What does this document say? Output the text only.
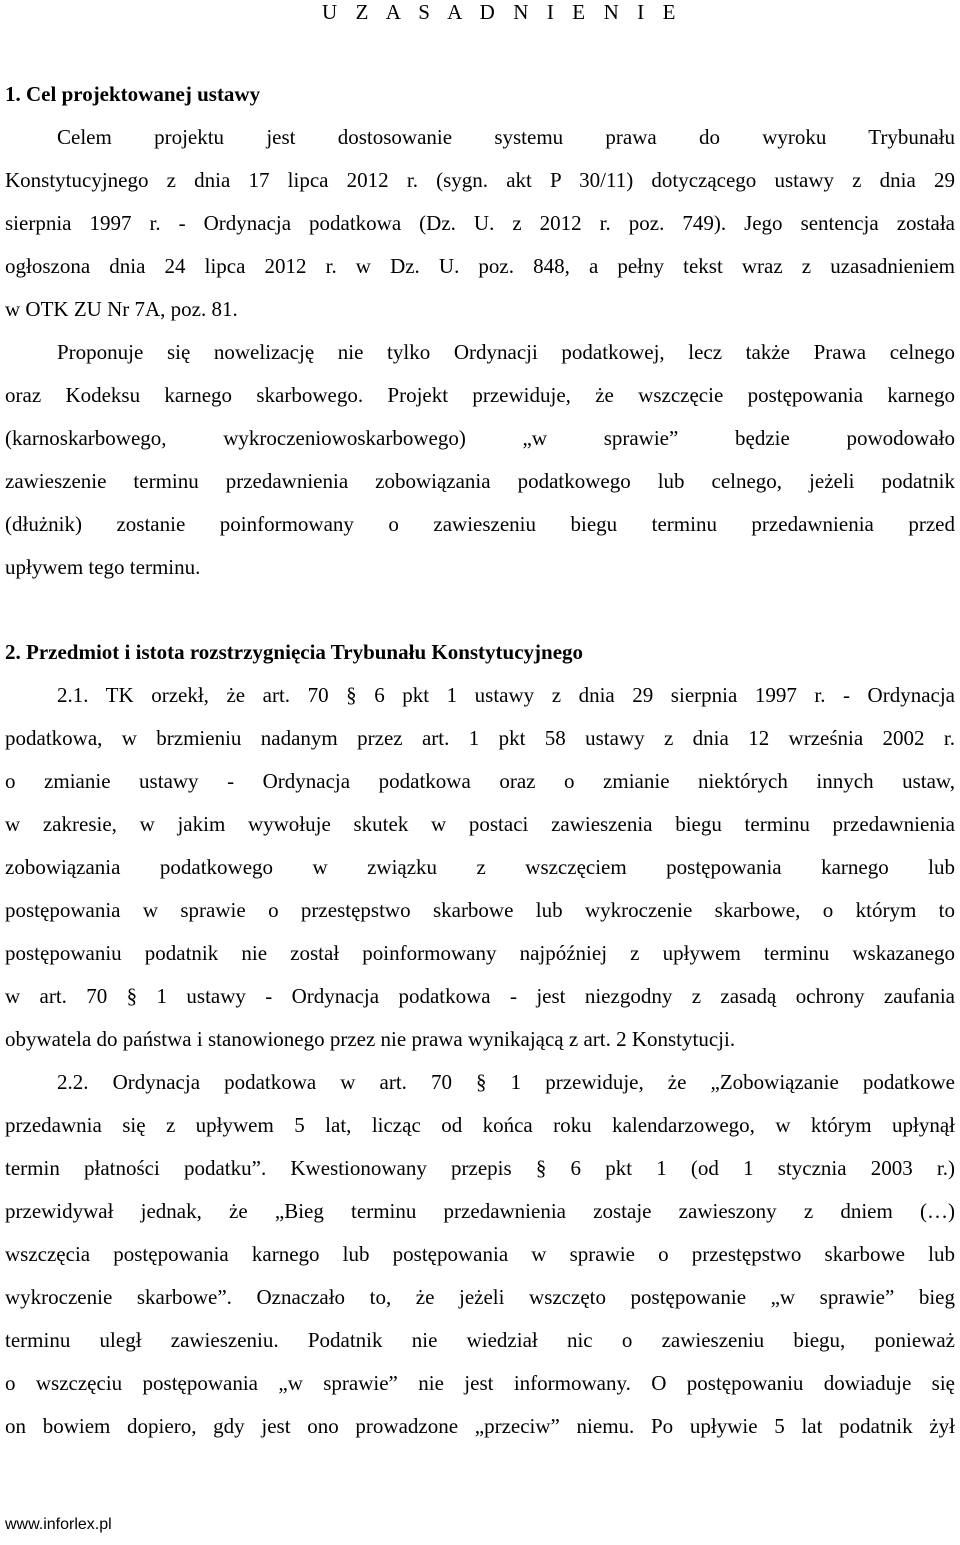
U Z A S A D N I E N I E
1. Cel projektowanej ustawy
Celem projektu jest dostosowanie systemu prawa do wyroku Trybunału
Konstytucyjnego z dnia 17 lipca 2012 r. (sygn. akt P 30/11) dotyczącego ustawy z dnia 29
sierpnia 1997 r. - Ordynacja podatkowa (Dz. U. z 2012 r. poz. 749). Jego sentencja została
ogłoszona dnia 24 lipca 2012 r. w Dz. U. poz. 848, a pełny tekst wraz z uzasadnieniem
w OTK ZU Nr 7A, poz. 81.
Proponuje się nowelizację nie tylko Ordynacji podatkowej, lecz także Prawa celnego
oraz Kodeksu karnego skarbowego. Projekt przewiduje, że wszczęcie postępowania karnego
(karnoskarbowego, wykroczeniowoskarbowego) „w sprawie” będzie powodowało
zawieszenie terminu przedawnienia zobowiązania podatkowego lub celnego, jeżeli podatnik
(dłużnik) zostanie poinformowany o zawieszeniu biegu terminu przedawnienia przed
upływem tego terminu.
2. Przedmiot i istota rozstrzygnięcia Trybunału Konstytucyjnego
2.1. TK orzekł, że art. 70 § 6 pkt 1 ustawy z dnia 29 sierpnia 1997 r. - Ordynacja
podatkowa, w brzmieniu nadanym przez art. 1 pkt 58 ustawy z dnia 12 września 2002 r.
o zmianie ustawy - Ordynacja podatkowa oraz o zmianie niektórych innych ustaw,
w zakresie, w jakim wywołuje skutek w postaci zawieszenia biegu terminu przedawnienia
zobowiązania podatkowego w związku z wszczęciem postępowania karnego lub
postępowania w sprawie o przestępstwo skarbowe lub wykroczenie skarbowe, o którym to
postępowaniu podatnik nie został poinformowany najpóźniej z upływem terminu wskazanego
w art. 70 § 1 ustawy - Ordynacja podatkowa - jest niezgodny z zasadą ochrony zaufania
obywatela do państwa i stanowionego przez nie prawa wynikającą z art. 2 Konstytucji.
2.2. Ordynacja podatkowa w art. 70 § 1 przewiduje, że „Zobowiązanie podatkowe
przedawnia się z upływem 5 lat, licząc od końca roku kalendarzowego, w którym upłynął
termin płatności podatku”. Kwestionowany przepis § 6 pkt 1 (od 1 stycznia 2003 r.)
przewidywał jednak, że „Bieg terminu przedawnienia zostaje zawieszony z dniem (…)
wszczęcia postępowania karnego lub postępowania w sprawie o przestępstwo skarbowe lub
wykroczenie skarbowe”. Oznaczało to, że jeżeli wszczęto postępowanie „w sprawie” bieg
terminu uległ zawieszeniu. Podatnik nie wiedział nic o zawieszeniu biegu, ponieważ
o wszczęciu postępowania „w sprawie” nie jest informowany. O postępowaniu dowiaduje się
on bowiem dopiero, gdy jest ono prowadzone „przeciw” niemu. Po upływie 5 lat podatnik żył
www.inforlex.pl
